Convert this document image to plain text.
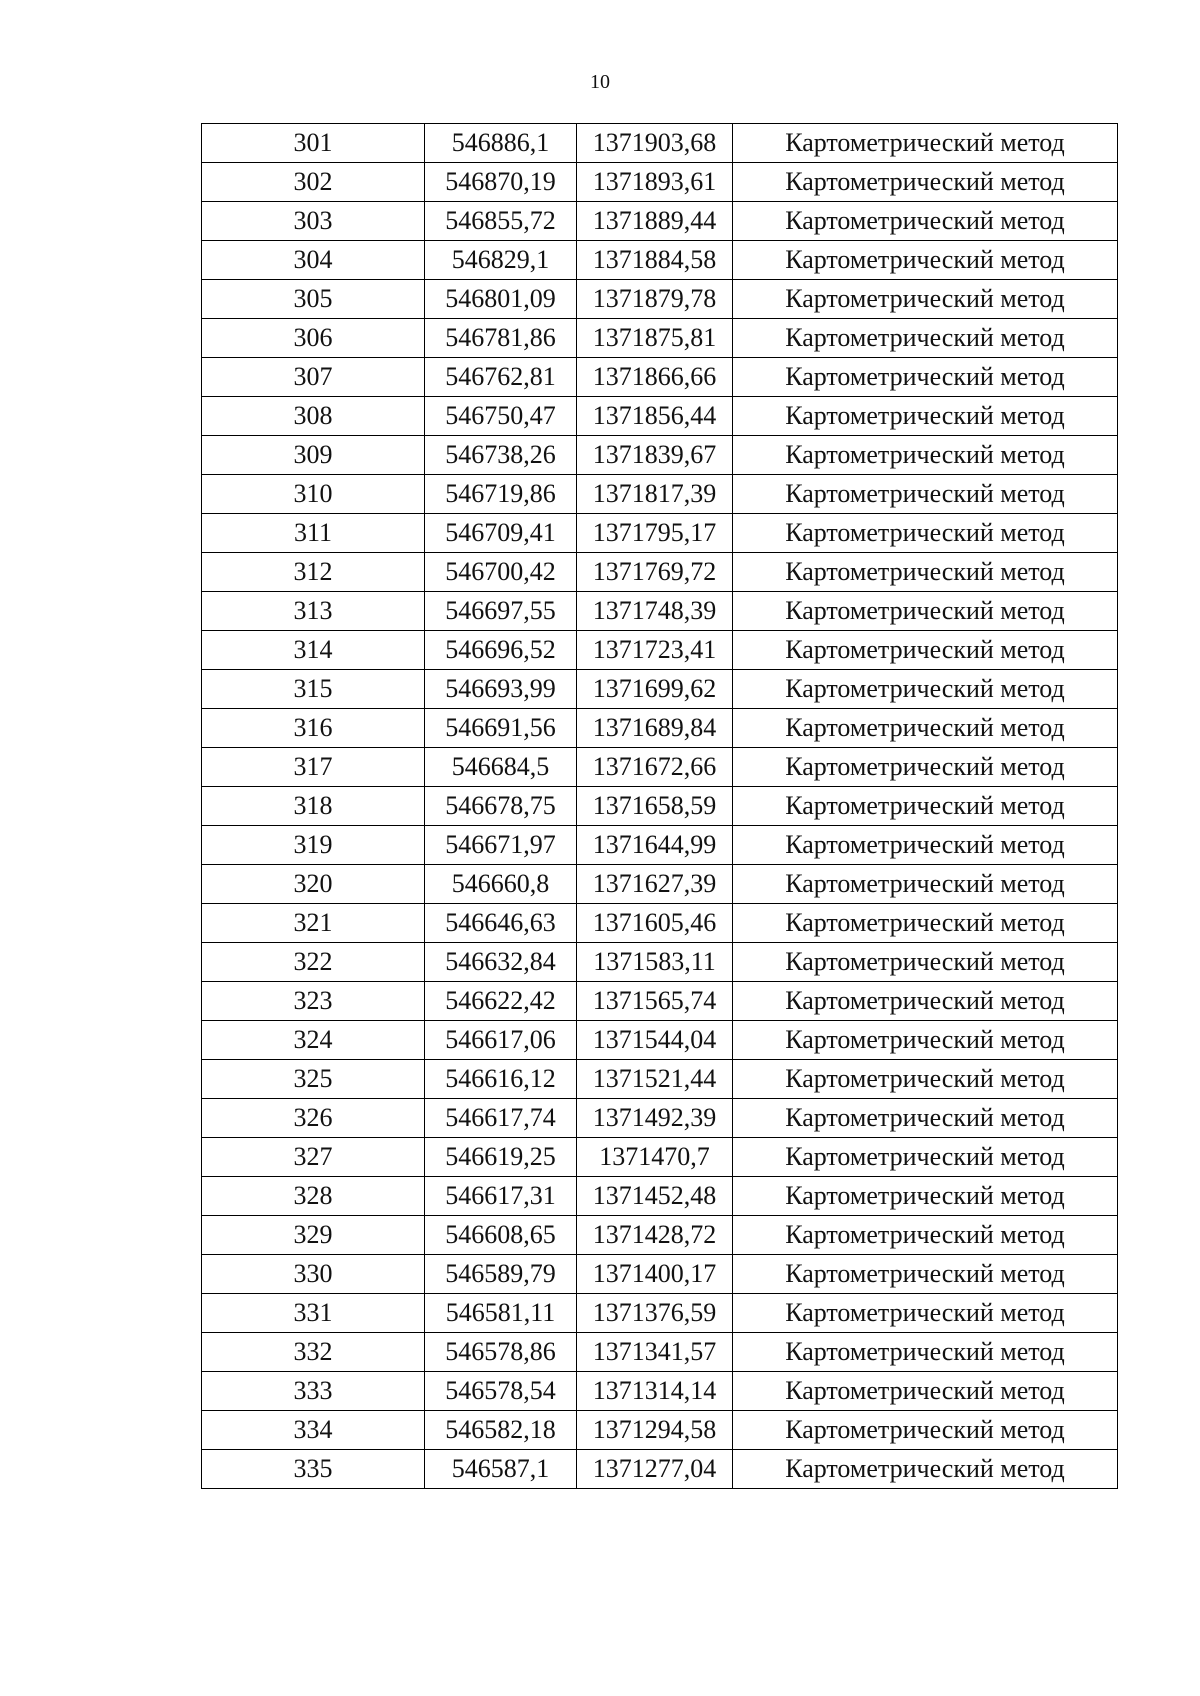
10
301	546886,1	1371903,68	Картометрический метод
302	546870,19	1371893,61	Картометрический метод
303	546855,72	1371889,44	Картометрический метод
304	546829,1	1371884,58	Картометрический метод
305	546801,09	1371879,78	Картометрический метод
306	546781,86	1371875,81	Картометрический метод
307	546762,81	1371866,66	Картометрический метод
308	546750,47	1371856,44	Картометрический метод
309	546738,26	1371839,67	Картометрический метод
310	546719,86	1371817,39	Картометрический метод
311	546709,41	1371795,17	Картометрический метод
312	546700,42	1371769,72	Картометрический метод
313	546697,55	1371748,39	Картометрический метод
314	546696,52	1371723,41	Картометрический метод
315	546693,99	1371699,62	Картометрический метод
316	546691,56	1371689,84	Картометрический метод
317	546684,5	1371672,66	Картометрический метод
318	546678,75	1371658,59	Картометрический метод
319	546671,97	1371644,99	Картометрический метод
320	546660,8	1371627,39	Картометрический метод
321	546646,63	1371605,46	Картометрический метод
322	546632,84	1371583,11	Картометрический метод
323	546622,42	1371565,74	Картометрический метод
324	546617,06	1371544,04	Картометрический метод
325	546616,12	1371521,44	Картометрический метод
326	546617,74	1371492,39	Картометрический метод
327	546619,25	1371470,7	Картометрический метод
328	546617,31	1371452,48	Картометрический метод
329	546608,65	1371428,72	Картометрический метод
330	546589,79	1371400,17	Картометрический метод
331	546581,11	1371376,59	Картометрический метод
332	546578,86	1371341,57	Картометрический метод
333	546578,54	1371314,14	Картометрический метод
334	546582,18	1371294,58	Картометрический метод
335	546587,1	1371277,04	Картометрический метод
